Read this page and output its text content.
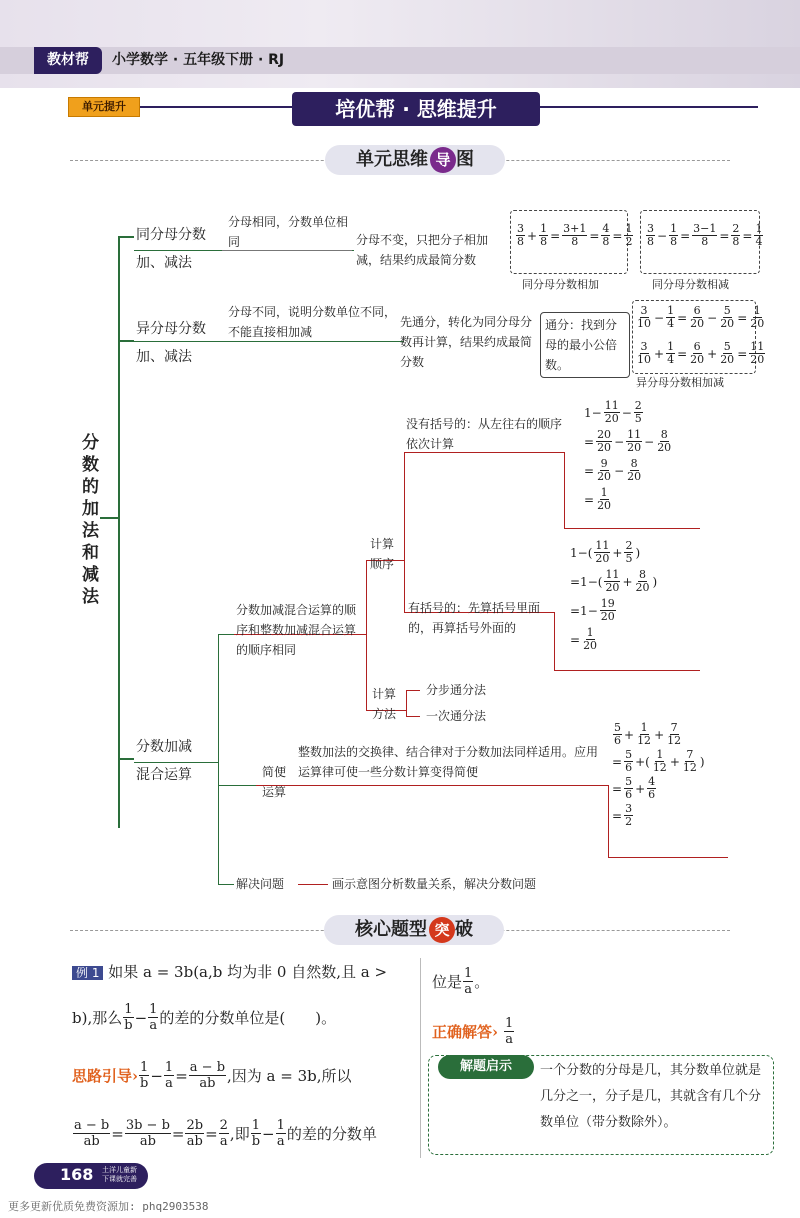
教材帮	小学数学 · 五年级下册 · RJ
单元提升	培优帮 · 思维提升
单元思维 导 图
分数的加法和减法
同分母分数
加、减法
分母相同，分数单位相同	分母不变，只把分子相加减，结果约成最简分数
$\frac{3}{8} + \frac{1}{8} = \frac{3+1}{8} = \frac{4}{8} = \frac{1}{2}$
同分母分数相加
$\frac{3}{8} - \frac{1}{8} = \frac{3-1}{8} = \frac{2}{8} = \frac{1}{4}$
同分母分数相减
异分母分数
加、减法
分母不同，说明分数单位不同，不能直接相加减
先通分，转化为同分母分数再计算，结果约成最简分数
通分：找到分母的最小公倍数。
$\frac{3}{10} - \frac{1}{4} = \frac{6}{20} - \frac{5}{20} = \frac{1}{20}$
$\frac{3}{10} + \frac{1}{4} = \frac{6}{20} + \frac{5}{20} = \frac{11}{20}$
异分母分数相加减
没有括号的：从左往右的顺序依次计算
$1- \frac{11}{20} - \frac{2}{5}$
= $\frac{20}{20} - \frac{11}{20} - \frac{8}{20}$
= $\frac{9}{20} - \frac{8}{20}$
= $\frac{1}{20}$
计算顺序
分数加减混合运算的顺序和整数加减混合运算的顺序相同
有括号的：先算括号里面的，再算括号外面的
$1-( \frac{11}{20} + \frac{2}{5}$ )
$=1-( \frac{11}{20} + \frac{8}{20}$ )
$=1- \frac{19}{20}$
= $\frac{1}{20}$
计算方法
分步通分法
一次通分法
分数加减
混合运算	简便运算
整数加法的交换律、结合律对于分数加法同样适用。应用运算律可使一些分数计算变得简便
$\frac{5}{6} + \frac{1}{12} + \frac{7}{12}$
= $\frac{5}{6}$ +( $\frac{1}{12} + \frac{7}{12}$ )
= $\frac{5}{6} + \frac{4}{6}$
= $\frac{3}{2}$
解决问题	画示意图分析数量关系，解决分数问题
核心题型 突 破
例 1 如果 a = 3b(a,b 均为非 0 自然数,且 a >
b),那么 $\frac{1}{b} - \frac{1}{a}$ 的差的分数单位是(　　)。
思路引导 › $\frac{1}{b} - \frac{1}{a} = \frac{a - b}{ab}$ ,因为 a = 3b,所以
$\frac{a - b}{ab} = \frac{3b - b}{ab} = \frac{2b}{ab} = \frac{2}{a}$ ,即 $\frac{1}{b} - \frac{1}{a}$ 的差的分数单
位是 $\frac{1}{a}$ 。
正确解答 › $\frac{1}{a}$
解题启示	一个分数的分母是几，其分数单位就是几分之一，分子是几，其就含有几个分数单位（带分数除外）。
168 土洋儿童新
下课就完善
更多更新优质免费资源加: phq2903538
